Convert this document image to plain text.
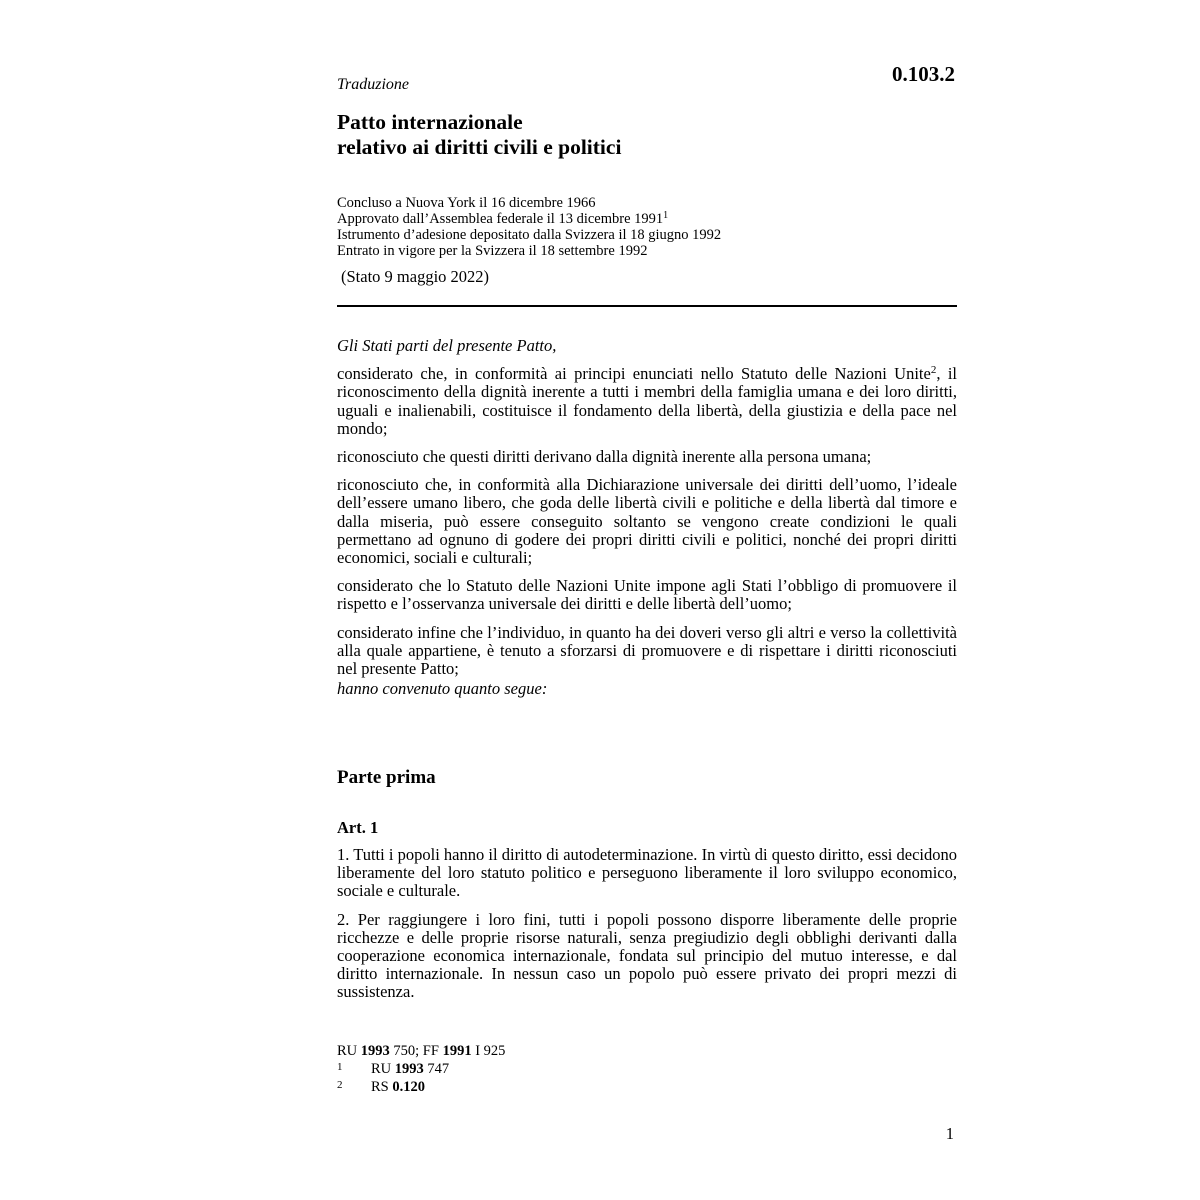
0.103.2
Traduzione
Patto internazionale
relativo ai diritti civili e politici
Concluso a Nuova York il 16 dicembre 1966
Approvato dall’Assemblea federale il 13 dicembre 1991$^1$
Istrumento d’adesione depositato dalla Svizzera il 18 giugno 1992
Entrato in vigore per la Svizzera il 18 settembre 1992
(Stato 9 maggio 2022)

Gli Stati parti del presente Patto,

considerato che, in conformità ai principi enunciati nello Statuto delle Nazioni Unite$^2$, il riconoscimento della dignità inerente a tutti i membri della famiglia umana e dei loro diritti, uguali e inalienabili, costituisce il fondamento della libertà, della giustizia e della pace nel mondo;

riconosciuto che questi diritti derivano dalla dignità inerente alla persona umana;

riconosciuto che, in conformità alla Dichiarazione universale dei diritti dell’uomo, l’ideale dell’essere umano libero, che goda delle libertà civili e politiche e della libertà dal timore e dalla miseria, può essere conseguito soltanto se vengono create condizioni le quali permettano ad ognuno di godere dei propri diritti civili e politici, nonché dei propri diritti economici, sociali e culturali;

considerato che lo Statuto delle Nazioni Unite impone agli Stati l’obbligo di promuovere il rispetto e l’osservanza universale dei diritti e delle libertà dell’uomo;

considerato infine che l’individuo, in quanto ha dei doveri verso gli altri e verso la collettività alla quale appartiene, è tenuto a sforzarsi di promuovere e di rispettare i diritti riconosciuti nel presente Patto;

hanno convenuto quanto segue:

Parte prima
Art. 1

1. Tutti i popoli hanno il diritto di autodeterminazione. In virtù di questo diritto, essi decidono liberamente del loro statuto politico e perseguono liberamente il loro sviluppo economico, sociale e culturale.

2. Per raggiungere i loro fini, tutti i popoli possono disporre liberamente delle proprie ricchezze e delle proprie risorse naturali, senza pregiudizio degli obblighi derivanti dalla cooperazione economica internazionale, fondata sul principio del mutuo interesse, e dal diritto internazionale. In nessun caso un popolo può essere privato dei propri mezzi di sussistenza.

RU 1993 750; FF 1991 I 925
1 RU 1993 747
2 RS 0.120
1
